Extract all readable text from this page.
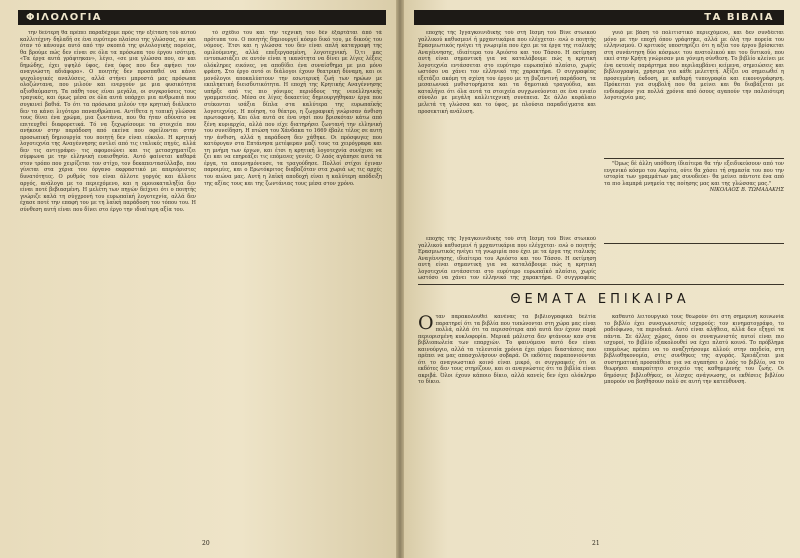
ΦΙΛΟΛΟΓΙΑ

την δεύτερη θα πρέπει παραδέχομε πρός την εξέταση τού αύτού καλλιτέχνη· δηλαδή σε ένα ευρύτερο πλαίσιο της γλώσσας, αν και όταν τό κάνουμε αυτό από την σκοπιά της φιλολογικής πορείας, θα βρούμε πώς δεν είναι σε όλα τα πρόσωπα του έργου ισότιμη. «Τα έργα αυτά γράφτηκαν», λέγει, «σε μια γλώσσα που, αν και δημώδης, έχει υψηλό ύφος, ένα ύφος που δεν αφήνει τον αναγνώστη αδιάφορο». Ο ποιητής δεν προσπαθεί να κάνει ψυχολογικές αναλύσεις, αλλά στήνει μπροστά μας πρόσωπα ολοζώντανα, που μιλούν και ενεργούν με μια φυσικότητα αξιοθαύμαστη. Τα πάθη τους είναι μεγάλα, οι συγκρούσεις τους τραγικές, και όμως μέσα σε όλα αυτά υπάρχει μια ανθρωπιά που συγκινεί βαθιά. Το ότι τα πρόσωπα μιλούν την κρητική διάλεκτο δεν τα κάνει λιγότερο πανανθρώπινα. Αντίθετα η τοπική γλώσσα τους δίνει ένα χρώμα, μια ζωντάνια, που θα ήταν αδύνατο να επιτευχθεί διαφορετικά. Τό να ξεχωρίσουμε τα στοιχεία που ανήκουν στην παράδοση από εκείνα που οφείλονται στην προσωπική δημιουργία του ποιητή δεν είναι εύκολο. Η κρητική λογοτεχνία της Αναγέννησης αντλεί από τις ιταλικές πηγές, αλλά δεν τις αντιγράφει· τις αφομοιώνει και τις μετασχηματίζει σύμφωνα με την ελληνική ευαισθησία. Αυτό φαίνεται καθαρά στον τρόπο που χειρίζεται τον στίχο, τον δεκαπεντασύλλαβο, που γίνεται στα χέρια του όργανο εκφραστικό με απεριόριστες δυνατότητες. Ο ρυθμός του είναι άλλοτε γοργός και άλλοτε αργός, ανάλογα με το περιεχόμενο, και η ομοιοκαταληξία δεν είναι ποτέ βεβιασμένη. Η μελέτη των πηγών δείχνει ότι ο ποιητής γνώριζε καλά τη σύγχρονή του ευρωπαϊκή λογοτεχνία, αλλά δεν έχασε ποτέ την επαφή του με τη λαϊκή παράδοση του τόπου του. Η σύνθεση αυτή είναι που δίνει στο έργο την ιδιαίτερη αξία του.

τό σχέδιο του και τήν τεχνική του δέν έξαρτάται ἀπό τά πρότυπα του. Ο ποιητής δημιουργεί κόσμο δικό του, με δικούς του νόμους. Έτσι και η γλώσσα του δεν είναι απλή καταγραφή της ομιλούμενης, αλλά επεξεργασμένη, λογοτεχνική. Ό,τι μας εντυπωσιάζει σε αυτόν είναι η ικανότητα να δίνει με λίγες λέξεις ολόκληρες εικόνες, να αποδίδει ένα συναίσθημα με μια μόνο φράση. Στο έργο αυτό οι διάλογοι έχουν θεατρική δύναμη, και οι μονόλογοι αποκαλύπτουν την εσωτερική ζωή των ηρώων με εκπληκτική διεισδυτικότητα. Η εποχή της Κρητικής Αναγέννησης υπήρξε από τις πιο γόνιμες περιόδους της νεοελληνικής γραμματείας. Μέσα σε λίγες δεκαετίες δημιουργήθηκαν έργα που στέκονται ισάξια δίπλα στα καλύτερα της ευρωπαϊκής λογοτεχνίας. Η ποίηση, το θέατρο, η ζωγραφική γνώρισαν άνθιση πρωτοφανή. Και όλα αυτά σε ένα νησί που βρισκόταν κάτω από ξένη κυριαρχία, αλλά που είχε διατηρήσει ζωντανή την ελληνική του συνείδηση. Η πτώση του Χάνδακα το 1669 έβαλε τέλος σε αυτή την άνθιση, αλλά η παράδοση δεν χάθηκε. Οι πρόσφυγες που κατέφυγαν στα Επτάνησα μετέφεραν μαζί τους τα χειρόγραφα και τη μνήμη των έργων, και έτσι η κρητική λογοτεχνία συνέχισε να ζει και να επηρεάζει τις επόμενες γενιές. Ο λαός αγάπησε αυτά τα έργα, τα απομνημόνευσε, τα τραγούδησε. Πολλοί στίχοι έγιναν παροιμίες, και ο Ερωτόκριτος διαβαζόταν στα χωριά ως τις αρχές του αιώνα μας. Αυτή η λαϊκή αποδοχή είναι η καλύτερη απόδειξη της αξίας τους και της ζωντάνιας τους μέσα στον χρόνο.

20
ΤΑ ΒΙΒΛΙΑ

εποχής τής Ιγγαγκοινιδικής τού στή Ιέσμη τού Βίνε στωικού γαλλικού καθυσμενί ή μρχαντικάρια που ελέγχεται· ενώ ο ποιητής Ερασμιωτικός ηνέγει τή γνωριμία που έχει με τα έργα της ιταλικής Αναγέννησης, ιδιαίτερα του Αριόστο και του Τάσσο. Η εκτίμηση αυτή είναι σημαντική για να καταλάβουμε πώς η κρητική λογοτεχνία εντάσσεται στο ευρύτερο ευρωπαϊκό πλαίσιο, χωρίς ωστόσο να χάνει τον ελληνικό της χαρακτήρα. Ο συγγραφέας εξετάζει ακόμη τη σχέση του έργου με τη βυζαντινή παράδοση, τα μεσαιωνικά μυθιστορήματα και τα δημοτικά τραγούδια, και καταλήγει ότι όλα αυτά τα στοιχεία συγχωνεύονται σε ένα ενιαίο σύνολο με μεγάλη καλλιτεχνική συνέπεια. Σε άλλο κεφάλαιο μελετά τη γλώσσα και το ύφος, με πλούσια παραδείγματα και προσεκτική ανάλυση.

γυιό με βάση τό πολιτιστικό περιεχόμενο, και δεν συνδέεται μόνο με την εποχή όπου γράφτηκε, αλλά με όλη την πορεία του ελληνισμού. Ο κριτικός υποστηρίζει ότι η αξία του έργου βρίσκεται στη συνάντηση δύο κόσμων: του ανατολικού και του δυτικού, που εκεί στην Κρήτη γνώρισαν μια γόνιμη σύνθεση. Το βιβλίο κλείνει με ένα εκτενές παράρτημα που περιλαμβάνει κείμενα, σημειώσεις και βιβλιογραφία, χρήσιμα για κάθε μελετητή. Αξίζει να σημειωθεί η προσεγμένη έκδοση, με καθαρή τυπογραφία και εικονογράφηση. Πρόκειται για συμβολή που θα μείνει και θα διαβάζεται με ενδιαφέρον για πολλά χρόνια από όσους αγαπούν την παλαιότερη λογοτεχνία μας.

"Όμως δέ άλλη υπόθεση ίδιαίτερα θα τήν εξειδικεύσουν από τον ευγενικό κόσμο του Ακρίτα, ούτε θα χάσει τή σημασία του που την ιστορία των γραμμάτων μας συνοδεύει· θα μείνει πάντοτε ένα από τα πιο λαμπρά μνημεία της ποίησης μας και της γλώσσας μας."

ΝΙΚΟΛΑΟΣ Β. ΤΩΜΑΔΑΚΗΣ

εποχής τής Ιγγαγκοινιδικής τού στή Ιέσμη τού Βίνε στωικού γαλλικού καθυσμενί ή μρχαντικάρια που ελέγχεται· ενώ ο ποιητής Ερασμιωτικός ηνέγει τή γνωριμία που έχει με τα έργα της ιταλικής Αναγέννησης, ιδιαίτερα του Αριόστο και του Τάσσο. Η εκτίμηση αυτή είναι σημαντική για να καταλάβουμε πώς η κρητική λογοτεχνία εντάσσεται στο ευρύτερο ευρωπαϊκό πλαίσιο, χωρίς ωστόσο να χάνει τον ελληνικό της χαρακτήρα. Ο συγγραφέας

ΘΕΜΑΤΑ ΕΠΙΚΑΙΡΑ
Ο ταν παρακολουθεί κανένας τα βιβλιογραφικά δελτία παρατηρεί ότι τα βιβλία που τυπώνονται στη χώρα μας είναι πολλά, αλλά ότι τα περισσότερα από αυτά δεν έχουν παρά περιορισμένη κυκλοφορία. Μερικά μάλιστα δεν φτάνουν καν στα βιβλιοπωλεία των επαρχιών. Το φαινόμενο αυτό δεν είναι καινούργιο, αλλά τα τελευταία χρόνια έχει πάρει διαστάσεις που πρέπει να μας απασχολήσουν σοβαρά. Οι εκδότες παραπονιούνται ότι το αναγνωστικό κοινό είναι μικρό, οι συγγραφείς ότι οι εκδότες δεν τους στηρίζουν, και οι αναγνώστες ότι τα βιβλία είναι ακριβά. Όλοι έχουν κάποιο δίκιο, αλλά κανείς δεν έχει ολόκληρο το δίκιο.

καθαυτό λειτουργικό τους θεωρούν ότι στη σημερινή κοινωνία το βιβλίο έχει συναγωνιστές ισχυρούς: τον κινηματογράφο, το ραδιόφωνο, τα περιοδικά. Αυτό είναι αλήθεια, αλλά δεν εξηγεί τα πάντα. Σε άλλες χώρες, όπου οι συναγωνιστές αυτοί είναι πιο ισχυροί, το βιβλίο εξακολουθεί να έχει πλατύ κοινό. Το πρόβλημα επομένως πρέπει να το αναζητήσουμε αλλού: στην παιδεία, στη βιβλιοθηκονομία, στις συνθήκες της αγοράς. Χρειάζεται μια συστηματική προσπάθεια για να αγαπήσει ο λαός το βιβλίο, να το θεωρήσει απαραίτητο στοιχείο της καθημερινής του ζωής. Οι δημόσιες βιβλιοθήκες, οι λέσχες ανάγνωσης, οι εκθέσεις βιβλίου μπορούν να βοηθήσουν πολύ σε αυτή την κατεύθυνση.

21
